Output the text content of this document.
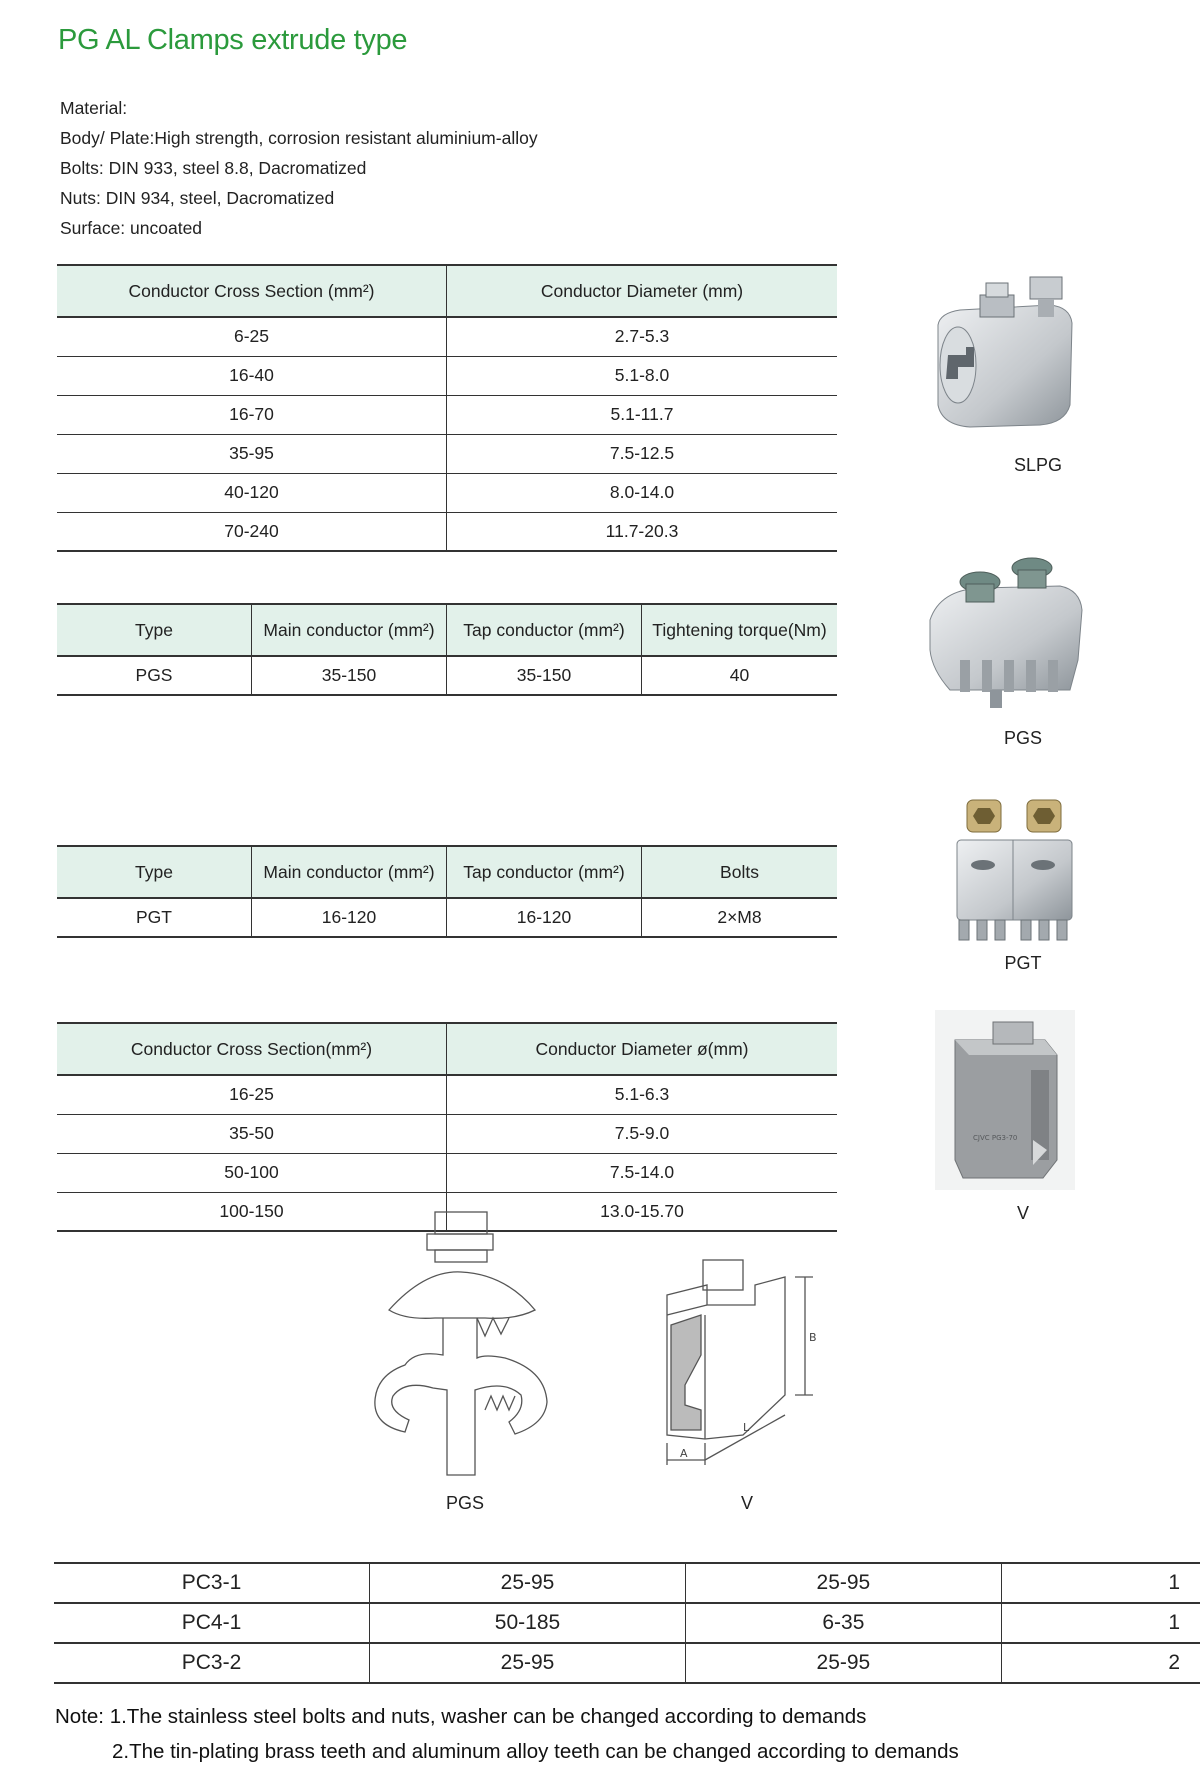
PG AL Clamps extrude type
Material:
Body/ Plate:High strength, corrosion resistant aluminium-alloy
Bolts: DIN 933, steel 8.8, Dacromatized
Nuts: DIN 934, steel, Dacromatized
Surface: uncoated
Conductor Cross Section (mm²)	Conductor Diameter (mm)
6-25	2.7-5.3
16-40	5.1-8.0
16-70	5.1-11.7
35-95	7.5-12.5
40-120	8.0-14.0
70-240	11.7-20.3
Type	Main conductor (mm²)	Tap conductor (mm²)	Tightening torque(Nm)
PGS	35-150	35-150	40
Type	Main conductor (mm²)	Tap conductor (mm²)	Bolts
PGT	16-120	16-120	2×M8
Conductor Cross Section(mm²)	Conductor Diameter ø(mm)
16-25	5.1-6.3
35-50	7.5-9.0
50-100	7.5-14.0
100-150	13.0-15.70
SLPG
PGS
PGT
CJVC PG3-70
V
PGS
B
A
L
V
PC3-1	25-95	25-95	1
PC4-1	50-185	6-35	1
PC3-2	25-95	25-95	2
Note: 1.The stainless steel bolts and nuts, washer can be changed according to demands
2.The tin-plating brass teeth and aluminum alloy teeth can be changed according to demands
